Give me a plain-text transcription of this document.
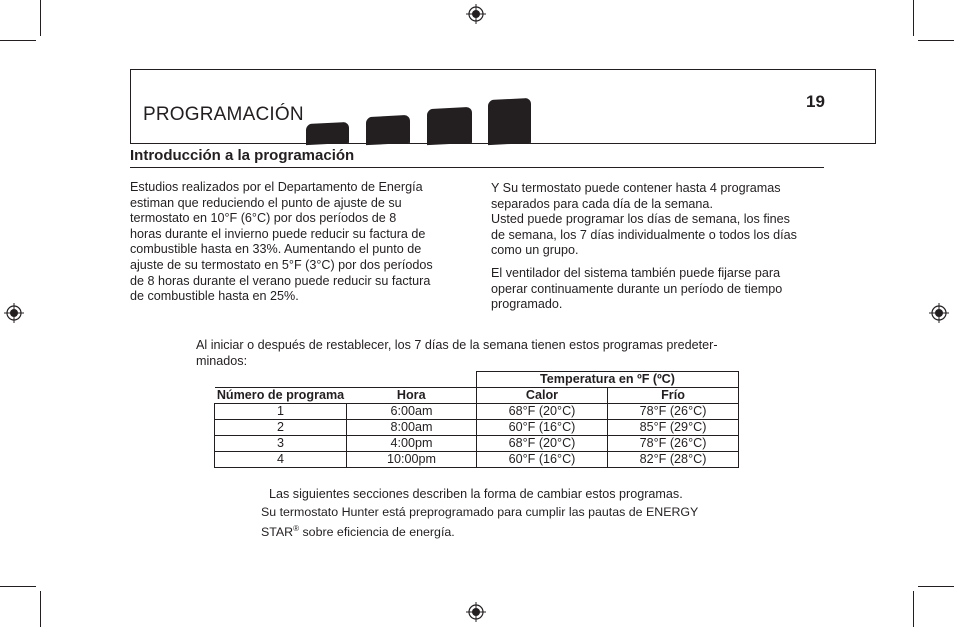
PROGRAMACIÓN
19
Introducción a la programación
Estudios realizados por el Departamento de Energía
estiman que reduciendo el punto de ajuste de su
termostato en 10°F (6°C) por dos períodos de 8
horas durante el invierno puede reducir su factura de
combustible hasta en 33%. Aumentando el punto de
ajuste de su termostato en 5°F (3°C) por dos períodos
de 8 horas durante el verano puede reducir su factura
de combustible hasta en 25%.
Y Su termostato puede contener hasta 4 programas
separados para cada día de la semana.
Usted puede programar los días de semana, los fines
de semana, los 7 días individualmente o todos los días
como un grupo.
El ventilador del sistema también puede fijarse para
operar continuamente durante un período de tiempo
programado.
Al iniciar o después de restablecer, los 7 días de la semana tienen estos programas predeter-
minados:
		Temperatura en ºF (ºC)	
Número de programa	Hora	Calor	Frío
1	6:00am	68°F (20°C)	78°F (26°C)
2	8:00am	60°F (16°C)	85°F (29°C)
3	4:00pm	68°F (20°C)	78°F (26°C)
4	10:00pm	60°F (16°C)	82°F (28°C)
Las siguientes secciones describen la forma de cambiar estos programas.
Su termostato Hunter está preprogramado para cumplir las pautas de ENERGY
STAR® sobre eficiencia de energía.
